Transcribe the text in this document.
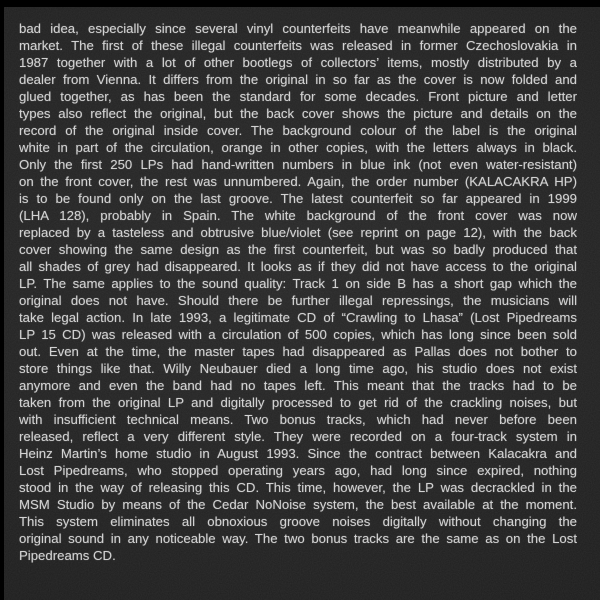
bad idea, especially since several vinyl counterfeits have meanwhile appeared on the
market. The first of these illegal counterfeits was released in former Czechoslovakia in
1987 together with a lot of other bootlegs of collectors’ items, mostly distributed by a
dealer from Vienna. It differs from the original in so far as the cover is now folded and
glued together, as has been the standard for some decades. Front picture and letter
types also reflect the original, but the back cover shows the picture and details on the
record of the original inside cover. The background colour of the label is the original
white in part of the circulation, orange in other copies, with the letters always in black.
Only the first 250 LPs had hand-written numbers in blue ink (not even water-resistant)
on the front cover, the rest was unnumbered. Again, the order number (KALACAKRA HP)
is to be found only on the last groove. The latest counterfeit so far appeared in 1999
(LHA 128), probably in Spain. The white background of the front cover was now
replaced by a tasteless and obtrusive blue/violet (see reprint on page 12), with the back
cover showing the same design as the first counterfeit, but was so badly produced that
all shades of grey had disappeared. It looks as if they did not have access to the original
LP. The same applies to the sound quality: Track 1 on side B has a short gap which the
original does not have. Should there be further illegal repressings, the musicians will
take legal action. In late 1993, a legitimate CD of “Crawling to Lhasa” (Lost Pipedreams
LP 15 CD) was released with a circulation of 500 copies, which has long since been sold
out. Even at the time, the master tapes had disappeared as Pallas does not bother to
store things like that. Willy Neubauer died a long time ago, his studio does not exist
anymore and even the band had no tapes left. This meant that the tracks had to be
taken from the original LP and digitally processed to get rid of the crackling noises, but
with insufficient technical means. Two bonus tracks, which had never before been
released, reflect a very different style. They were recorded on a four-track system in
Heinz Martin’s home studio in August 1993. Since the contract between Kalacakra and
Lost Pipedreams, who stopped operating years ago, had long since expired, nothing
stood in the way of releasing this CD. This time, however, the LP was decrackled in the
MSM Studio by means of the Cedar NoNoise system, the best available at the moment.
This system eliminates all obnoxious groove noises digitally without changing the
original sound in any noticeable way. The two bonus tracks are the same as on the Lost
Pipedreams CD.
